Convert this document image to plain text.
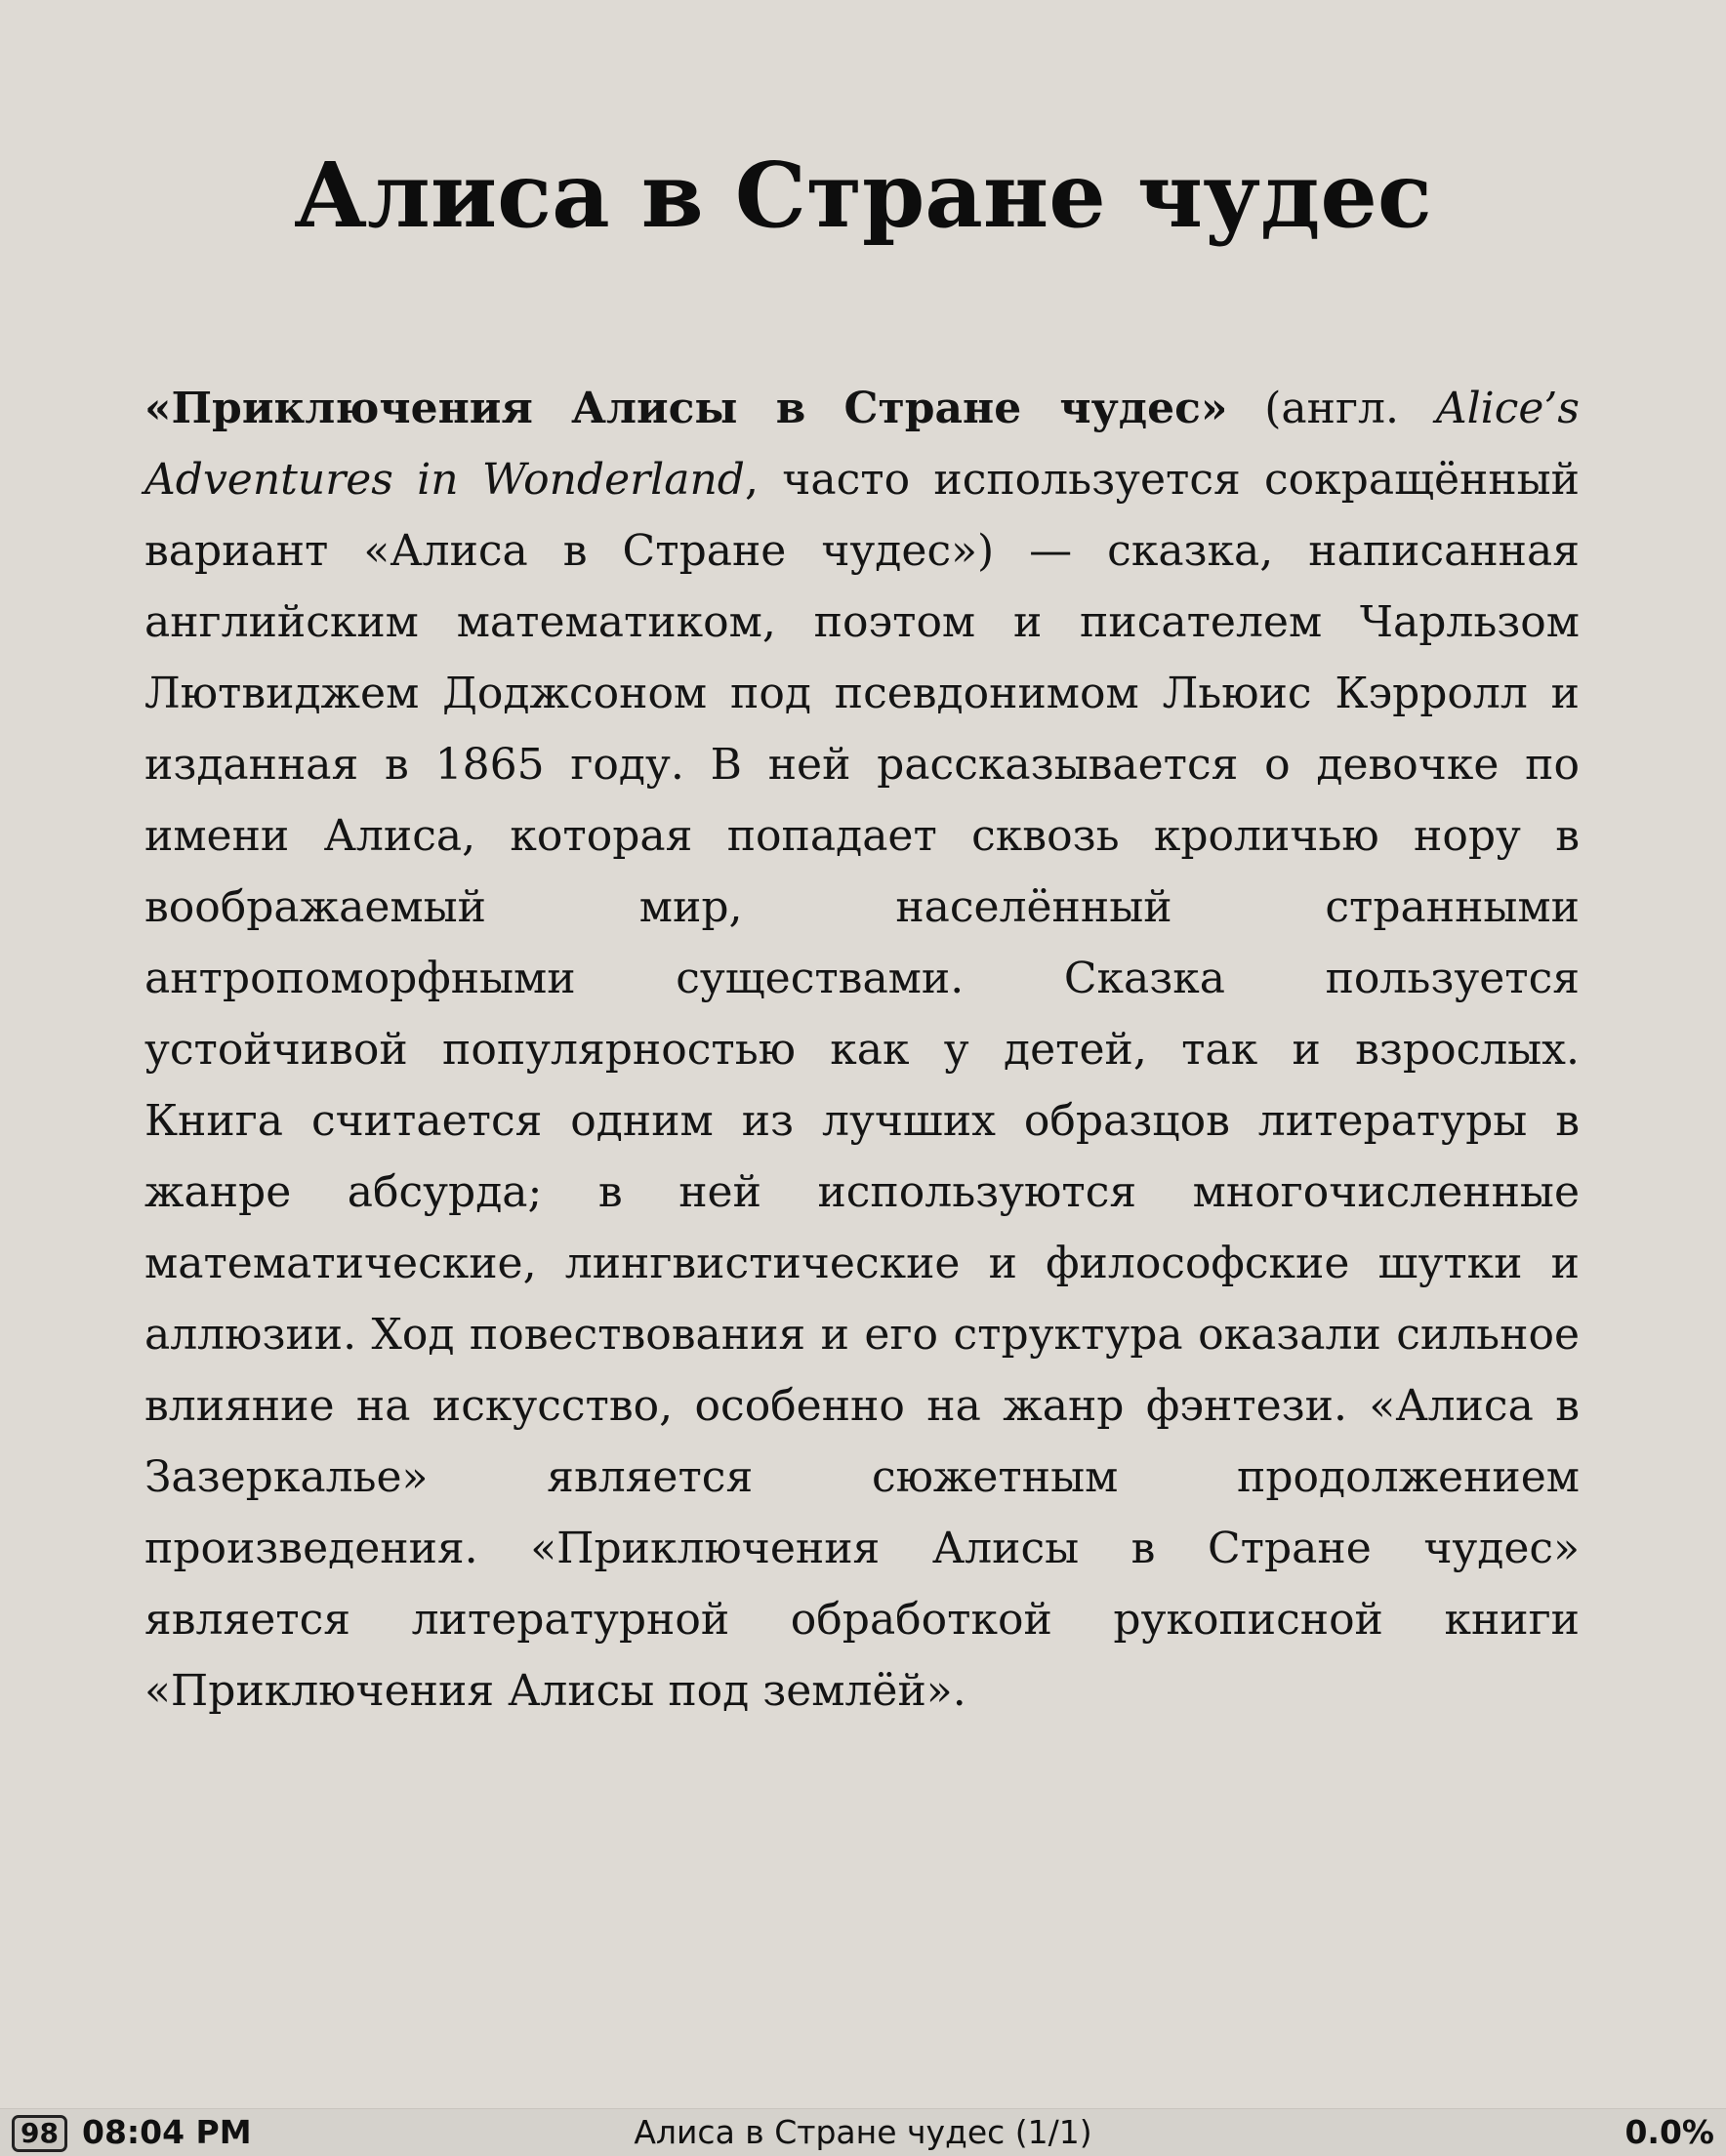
Алиса в Стране чудес

«Приключения Алисы в Стране чудес» (англ. Alice’s Adventures in Wonderland, часто используется сокращённый вариант «Алиса в Стране чудес») — сказка, написанная английским математиком, поэтом и писателем Чарльзом Лютвиджем Доджсоном под псевдонимом Льюис Кэрролл и изданная в 1865 году. В ней рассказывается о девочке по имени Алиса, которая попадает сквозь кроличью нору в воображаемый мир, населённый странными антропоморфными существами. Сказка пользуется устойчивой популярностью как у детей, так и взрослых. Книга считается одним из лучших образцов литературы в жанре абсурда; в ней используются многочисленные математические, лингвистические и философские шутки и аллюзии. Ход повествования и его структура оказали сильное влияние на искусство, особенно на жанр фэнтези. «Алиса в Зазеркалье» является сюжетным продолжением произведения. «Приключения Алисы в Стране чудес» является литературной обработкой рукописной книги «Приключения Алисы под землёй».

98 08:04 PM	Алиса в Стране чудес (1/1)	0.0%
